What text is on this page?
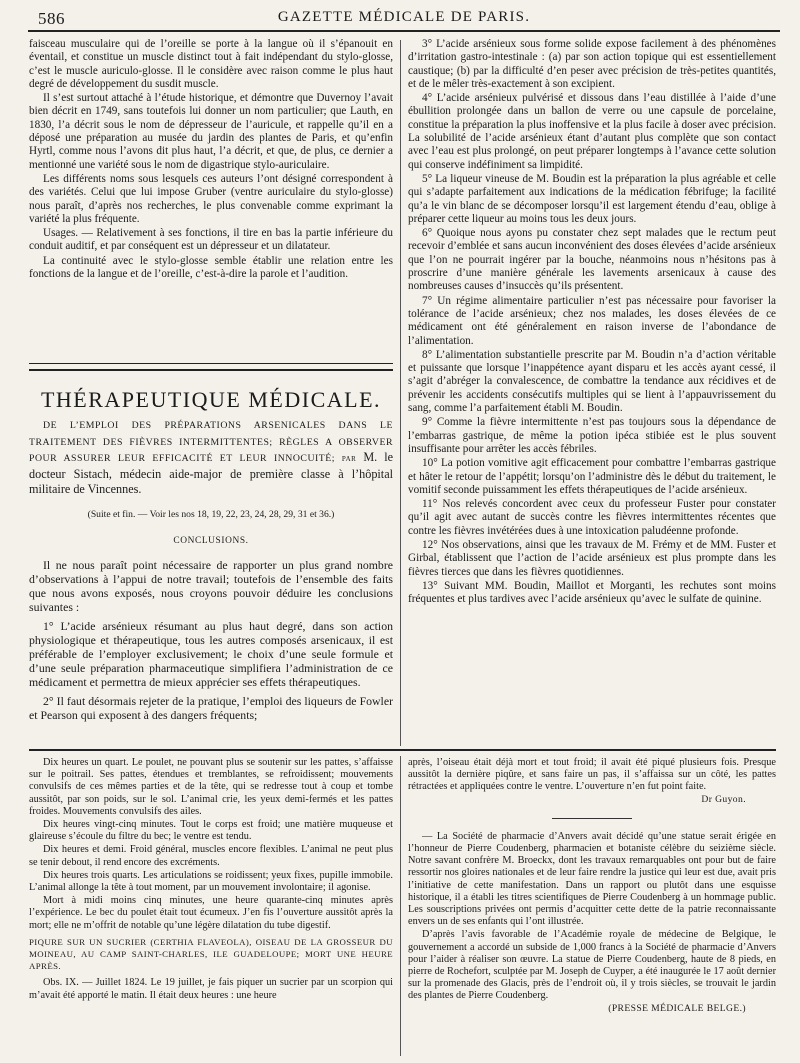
586	GAZETTE MÉDICALE DE PARIS.

faisceau musculaire qui de l’oreille se porte à la langue où il s’épanouit en éventail, et constitue un muscle distinct tout à fait indépendant du stylo-glosse, c’est le muscle auriculo-glosse. Il le considère avec raison comme le plus haut degré de développement du susdit muscle.

Il s’est surtout attaché à l’étude historique, et démontre que Duvernoy l’avait bien décrit en 1749, sans toutefois lui donner un nom particulier; que Lauth, en 1830, l’a décrit sous le nom de dépresseur de l’auricule, et rappelle qu’il en a déposé une préparation au musée du jardin des plantes de Paris, et qu’enfin Hyrtl, comme nous l’avons dit plus haut, l’a décrit, et que, de plus, ce dernier a mentionné une variété sous le nom de digastrique stylo-auriculaire.

Les différents noms sous lesquels ces auteurs l’ont désigné correspondent à des variétés. Celui que lui impose Gruber (ventre auriculaire du stylo-glosse) nous paraît, d’après nos recherches, le plus convenable comme exprimant la variété la plus fréquente.

Usages. — Relativement à ses fonctions, il tire en bas la partie inférieure du conduit auditif, et par conséquent est un dépresseur et un dilatateur.

La continuité avec le stylo-glosse semble établir une relation entre les fonctions de la langue et de l’oreille, c’est-à-dire la parole et l’audition.

THÉRAPEUTIQUE MÉDICALE.

DE L’EMPLOI DES PRÉPARATIONS ARSENICALES DANS LE TRAITEMENT DES FIÈVRES INTERMITTENTES; RÈGLES A OBSERVER POUR ASSURER LEUR EFFICACITÉ ET LEUR INNOCUITÉ; par M. le docteur Sistach, médecin aide-major de première classe à l’hôpital militaire de Vincennes.

(Suite et fin. — Voir les nos 18, 19, 22, 23, 24, 28, 29, 31 et 36.)
CONCLUSIONS.

Il ne nous paraît point nécessaire de rapporter un plus grand nombre d’observations à l’appui de notre travail; toutefois de l’ensemble des faits que nous avons exposés, nous croyons pouvoir déduire les conclusions suivantes :

1° L’acide arsénieux résumant au plus haut degré, dans son action physiologique et thérapeutique, tous les autres composés arsenicaux, il est préférable de l’employer exclusivement; le choix d’une seule formule et d’une seule préparation pharmaceutique simplifiera l’administration de ce médicament et permettra de mieux apprécier ses effets thérapeutiques.

2° Il faut désormais rejeter de la pratique, l’emploi des liqueurs de Fowler et Pearson qui exposent à des dangers fréquents;

3° L’acide arsénieux sous forme solide expose facilement à des phénomènes d’irritation gastro-intestinale : (a) par son action topique qui est essentiellement caustique; (b) par la difficulté d’en peser avec précision de très-petites quantités, et de le mêler très-exactement à son excipient.

4° L’acide arsénieux pulvérisé et dissous dans l’eau distillée à l’aide d’une ébullition prolongée dans un ballon de verre ou une capsule de porcelaine, constitue la préparation la plus inoffensive et la plus facile à doser avec précision. La solubilité de l’acide arsénieux étant d’autant plus complète que son contact avec l’eau est plus prolongé, on peut préparer longtemps à l’avance cette solution qui conserve indéfiniment sa limpidité.

5° La liqueur vineuse de M. Boudin est la préparation la plus agréable et celle qui s’adapte parfaitement aux indications de la médication fébrifuge; la facilité qu’a le vin blanc de se décomposer lorsqu’il est largement étendu d’eau, oblige à préparer cette liqueur au moins tous les deux jours.

6° Quoique nous ayons pu constater chez sept malades que le rectum peut recevoir d’emblée et sans aucun inconvénient des doses élevées d’acide arsénieux que l’on ne pourrait ingérer par la bouche, néanmoins nous n’hésitons pas à proscrire d’une manière générale les lavements arsenicaux à cause des nombreuses causes d’insuccès qu’ils présentent.

7° Un régime alimentaire particulier n’est pas nécessaire pour favoriser la tolérance de l’acide arsénieux; chez nos malades, les doses élevées de ce médicament ont été généralement en raison inverse de l’abondance de l’alimentation.

8° L’alimentation substantielle prescrite par M. Boudin n’a d’action véritable et puissante que lorsque l’inappétence ayant disparu et les accès ayant cessé, il s’agit d’abréger la convalescence, de combattre la tendance aux récidives et de prévenir les accidents consécutifs multiples qui se lient à l’appauvrissement du sang, comme l’a parfaitement établi M. Boudin.

9° Comme la fièvre intermittente n’est pas toujours sous la dépendance de l’embarras gastrique, de même la potion ipéca stibiée est le plus souvent insuffisante pour arrêter les accès fébriles.

10° La potion vomitive agit efficacement pour combattre l’embarras gastrique et hâter le retour de l’appétit; lorsqu’on l’administre dès le début du traitement, le vomitif seconde puissamment les effets thérapeutiques de l’acide arsénieux.

11° Nos relevés concordent avec ceux du professeur Fuster pour constater qu’il agit avec autant de succès contre les fièvres intermittentes récentes que contre les fièvres invétérées dues à une intoxication paludéenne profonde.

12° Nos observations, ainsi que les travaux de M. Frémy et de MM. Fuster et Girbal, établissent que l’action de l’acide arsénieux est plus prompte dans les fièvres tierces que dans les fièvres quotidiennes.

13° Suivant MM. Boudin, Maillot et Morganti, les rechutes sont moins fréquentes et plus tardives avec l’acide arsénieux qu’avec le sulfate de quinine.

Dix heures un quart. Le poulet, ne pouvant plus se soutenir sur les pattes, s’affaisse sur le poitrail. Ses pattes, étendues et tremblantes, se refroidissent; mouvements convulsifs de ces mêmes parties et de la tête, qui se redresse tout à coup et tombe aussitôt, par son poids, sur le sol. L’animal crie, les yeux demi-fermés et les pattes froides. Mouvements convulsifs des ailes.

Dix heures vingt-cinq minutes. Tout le corps est froid; une matière muqueuse et glaireuse s’écoule du filtre du bec; le ventre est tendu.

Dix heures et demi. Froid général, muscles encore flexibles. L’animal ne peut plus se tenir debout, il rend encore des excréments.

Dix heures trois quarts. Les articulations se roidissent; yeux fixes, pupille immobile. L’animal allonge la tête à tout moment, par un mouvement involontaire; il agonise.

Mort à midi moins cinq minutes, une heure quarante-cinq minutes après l’expérience. Le bec du poulet était tout écumeux. J’en fis l’ouverture aussitôt après la mort; elle ne m’offrit de notable qu’une légère dilatation du tube digestif.

PIQURE SUR UN SUCRIER (CERTHIA FLAVEOLA), OISEAU DE LA GROSSEUR DU MOINEAU, AU CAMP SAINT-CHARLES, ILE GUADELOUPE; MORT UNE HEURE APRÈS.

Obs. IX. — Juillet 1824. Le 19 juillet, je fais piquer un sucrier par un scorpion qui m’avait été apporté le matin. Il était deux heures : une heure

après, l’oiseau était déjà mort et tout froid; il avait été piqué plusieurs fois. Presque aussitôt la dernière piqûre, et sans faire un pas, il s’affaissa sur un côté, les pattes rétractées et appliquées contre le ventre. L’ouverture n’en fut point faite.

Dr Guyon.

— La Société de pharmacie d’Anvers avait décidé qu’une statue serait érigée en l’honneur de Pierre Coudenberg, pharmacien et botaniste célèbre du seizième siècle. Notre savant confrère M. Broeckx, dont les travaux remarquables ont pour but de faire ressortir nos gloires nationales et de leur faire rendre la justice qui leur est due, avait pris l’initiative de cette manifestation. Dans un rapport ou plutôt dans une esquisse historique, il a établi les titres scientifiques de Pierre Coudenberg à un hommage public. Les souscriptions privées ont permis d’acquitter cette dette de la patrie reconnaissante envers un de ses enfants qui l’ont illustrée.

D’après l’avis favorable de l’Académie royale de médecine de Belgique, le gouvernement a accordé un subside de 1,000 francs à la Société de pharmacie d’Anvers pour l’aider à réaliser son œuvre. La statue de Pierre Coudenberg, haute de 8 pieds, en pierre de Rochefort, sculptée par M. Joseph de Cuyper, a été inaugurée le 17 août dernier sur la promenade des Glacis, près de l’endroit où, il y trois siècles, se trouvait le jardin des plantes de Pierre Coudenberg.

(PRESSE MÉDICALE BELGE.)
